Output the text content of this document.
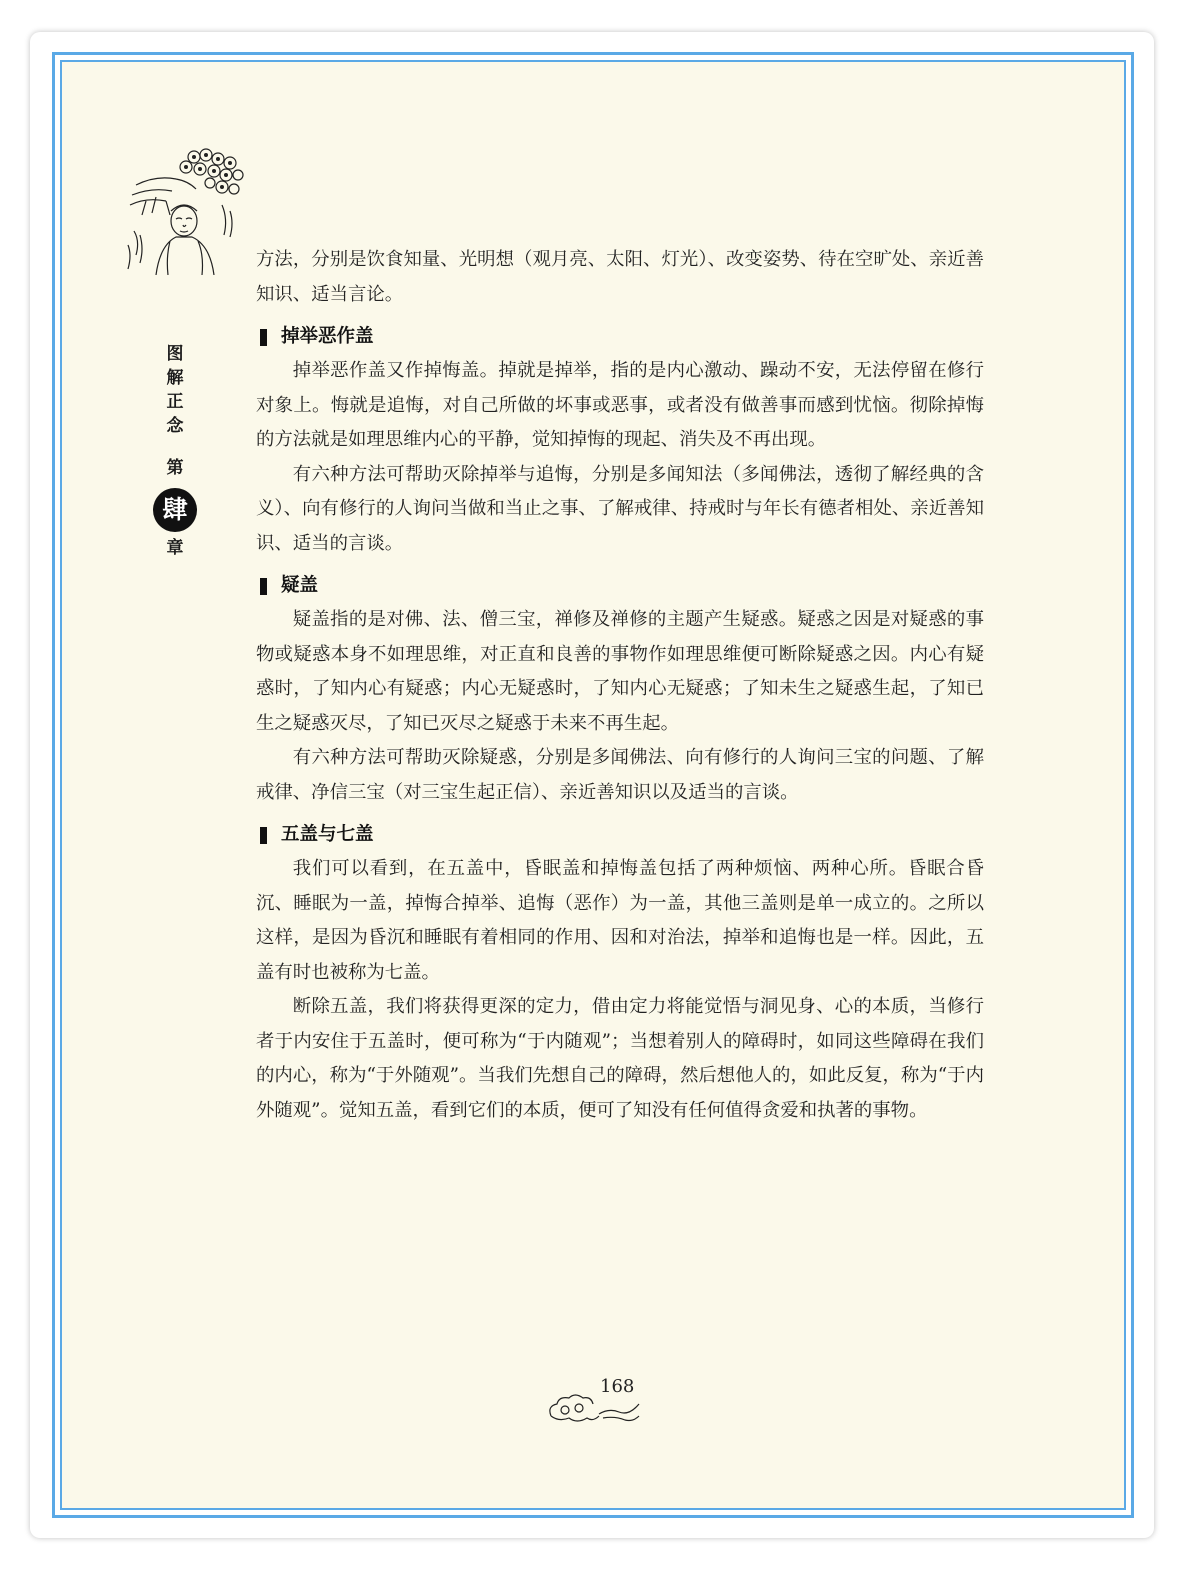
图
解
正
念
第
肆
章

方法，分别是饮食知量、光明想（观月亮、太阳、灯光）、改变姿势、待在空旷处、亲近善知识、适当言论。

掉举恶作盖

掉举恶作盖又作掉悔盖。掉就是掉举，指的是内心激动、躁动不安，无法停留在修行对象上。悔就是追悔，对自己所做的坏事或恶事，或者没有做善事而感到忧恼。彻除掉悔的方法就是如理思维内心的平静，觉知掉悔的现起、消失及不再出现。

有六种方法可帮助灭除掉举与追悔，分别是多闻知法（多闻佛法，透彻了解经典的含义）、向有修行的人询问当做和当止之事、了解戒律、持戒时与年长有德者相处、亲近善知识、适当的言谈。

疑盖

疑盖指的是对佛、法、僧三宝，禅修及禅修的主题产生疑惑。疑惑之因是对疑惑的事物或疑惑本身不如理思维，对正直和良善的事物作如理思维便可断除疑惑之因。内心有疑惑时，了知内心有疑惑；内心无疑惑时，了知内心无疑惑；了知未生之疑惑生起，了知已生之疑惑灭尽，了知已灭尽之疑惑于未来不再生起。

有六种方法可帮助灭除疑惑，分别是多闻佛法、向有修行的人询问三宝的问题、了解戒律、净信三宝（对三宝生起正信）、亲近善知识以及适当的言谈。

五盖与七盖

我们可以看到，在五盖中，昏眠盖和掉悔盖包括了两种烦恼、两种心所。昏眠合昏沉、睡眠为一盖，掉悔合掉举、追悔（恶作）为一盖，其他三盖则是单一成立的。之所以这样，是因为昏沉和睡眠有着相同的作用、因和对治法，掉举和追悔也是一样。因此，五盖有时也被称为七盖。

断除五盖，我们将获得更深的定力，借由定力将能觉悟与洞见身、心的本质，当修行者于内安住于五盖时，便可称为“于内随观”；当想着别人的障碍时，如同这些障碍在我们的内心，称为“于外随观”。当我们先想自己的障碍，然后想他人的，如此反复，称为“于内外随观”。觉知五盖，看到它们的本质，便可了知没有任何值得贪爱和执著的事物。

168
